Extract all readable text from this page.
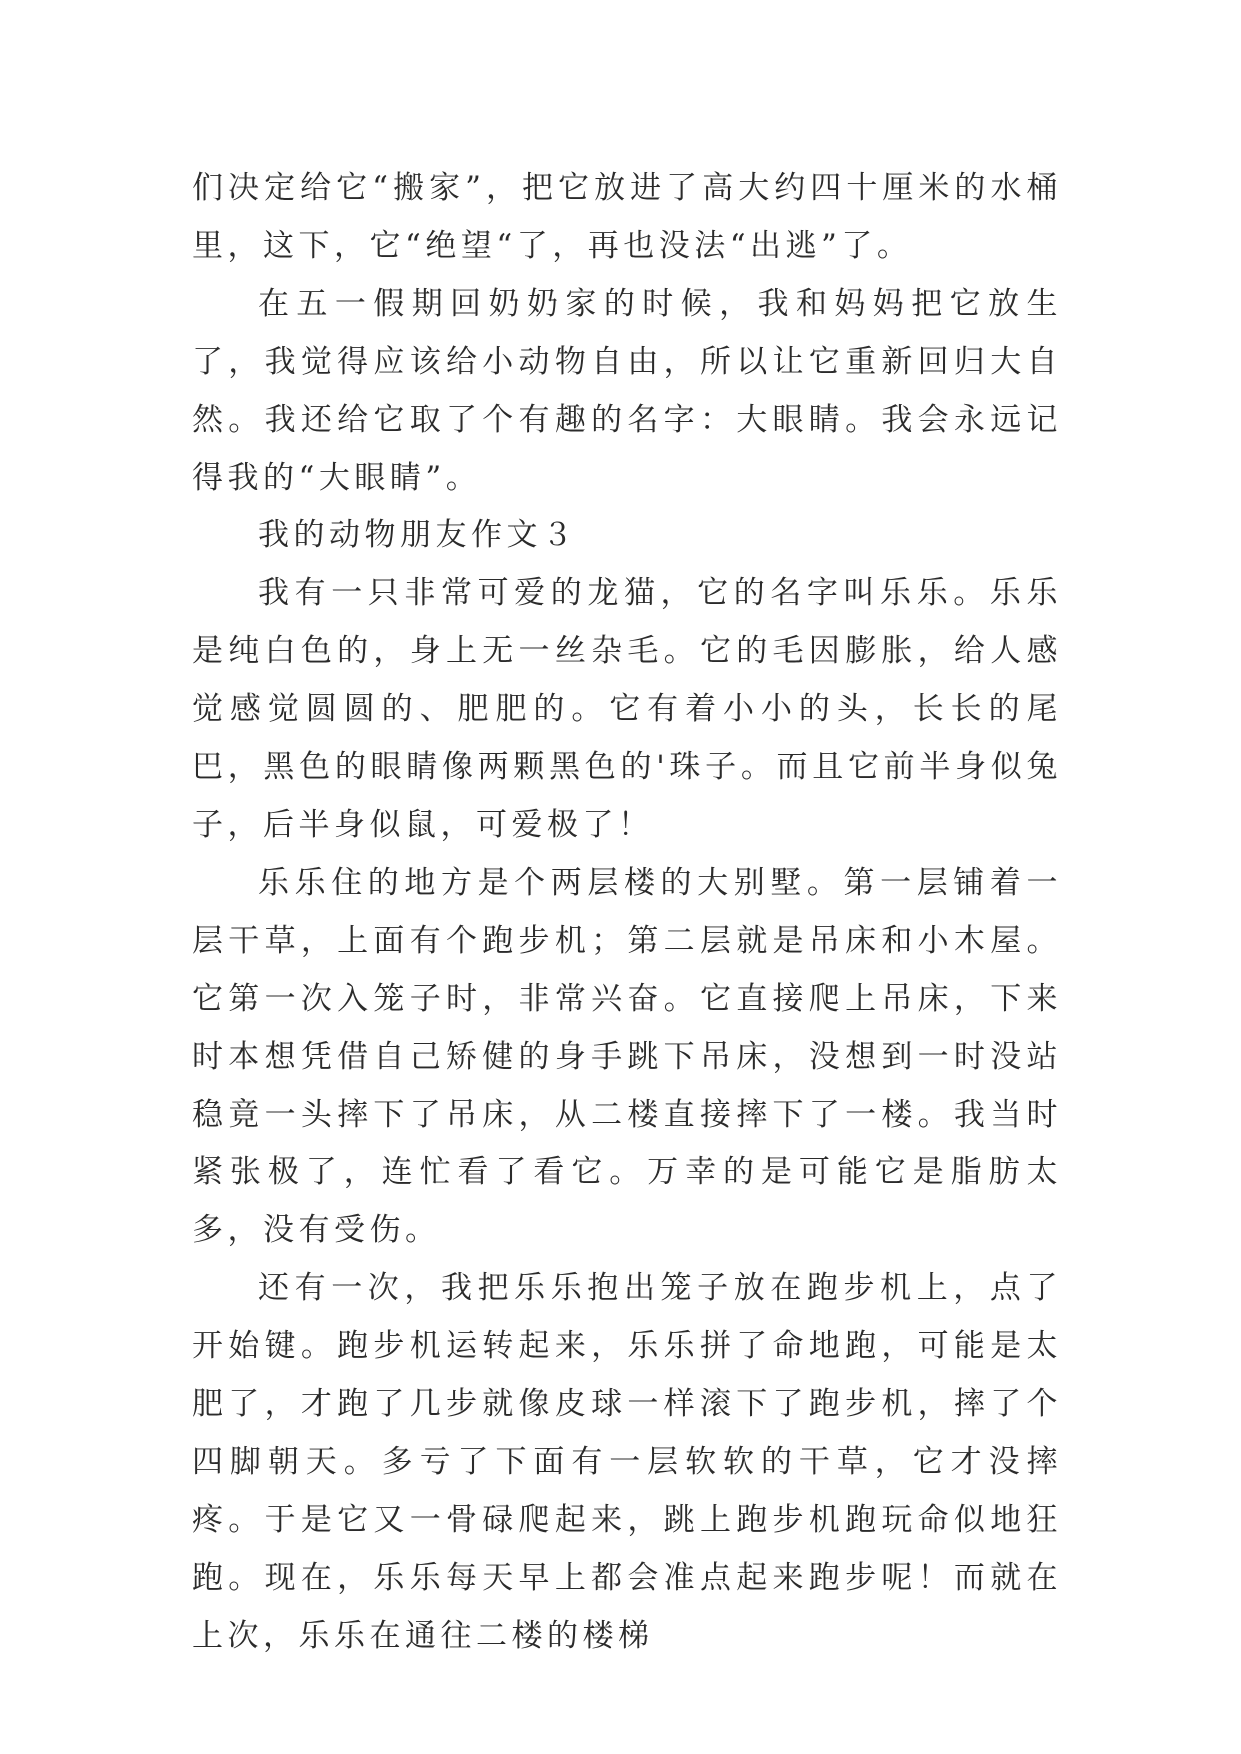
们决定给它“搬家”，把它放进了高大约四十厘米的水桶里，这下，它“绝望“了，再也没法“出逃”了。

在五一假期回奶奶家的时候，我和妈妈把它放生了，我觉得应该给小动物自由，所以让它重新回归大自然。我还给它取了个有趣的名字：大眼睛。我会永远记得我的“大眼睛”。

我的动物朋友作文３

我有一只非常可爱的龙猫，它的名字叫乐乐。乐乐是纯白色的，身上无一丝杂毛。它的毛因膨胀，给人感觉感觉圆圆的、肥肥的。它有着小小的头，长长的尾巴，黑色的眼睛像两颗黑色的'珠子。而且它前半身似兔子，后半身似鼠，可爱极了！

乐乐住的地方是个两层楼的大别墅。第一层铺着一层干草，上面有个跑步机；第二层就是吊床和小木屋。它第一次入笼子时，非常兴奋。它直接爬上吊床，下来时本想凭借自己矫健的身手跳下吊床，没想到一时没站稳竟一头摔下了吊床，从二楼直接摔下了一楼。我当时紧张极了，连忙看了看它。万幸的是可能它是脂肪太多，没有受伤。

还有一次，我把乐乐抱出笼子放在跑步机上，点了开始键。跑步机运转起来，乐乐拼了命地跑，可能是太肥了，才跑了几步就像皮球一样滚下了跑步机，摔了个四脚朝天。多亏了下面有一层软软的干草，它才没摔疼。于是它又一骨碌爬起来，跳上跑步机跑玩命似地狂跑。现在，乐乐每天早上都会准点起来跑步呢！而就在上次，乐乐在通往二楼的楼梯
